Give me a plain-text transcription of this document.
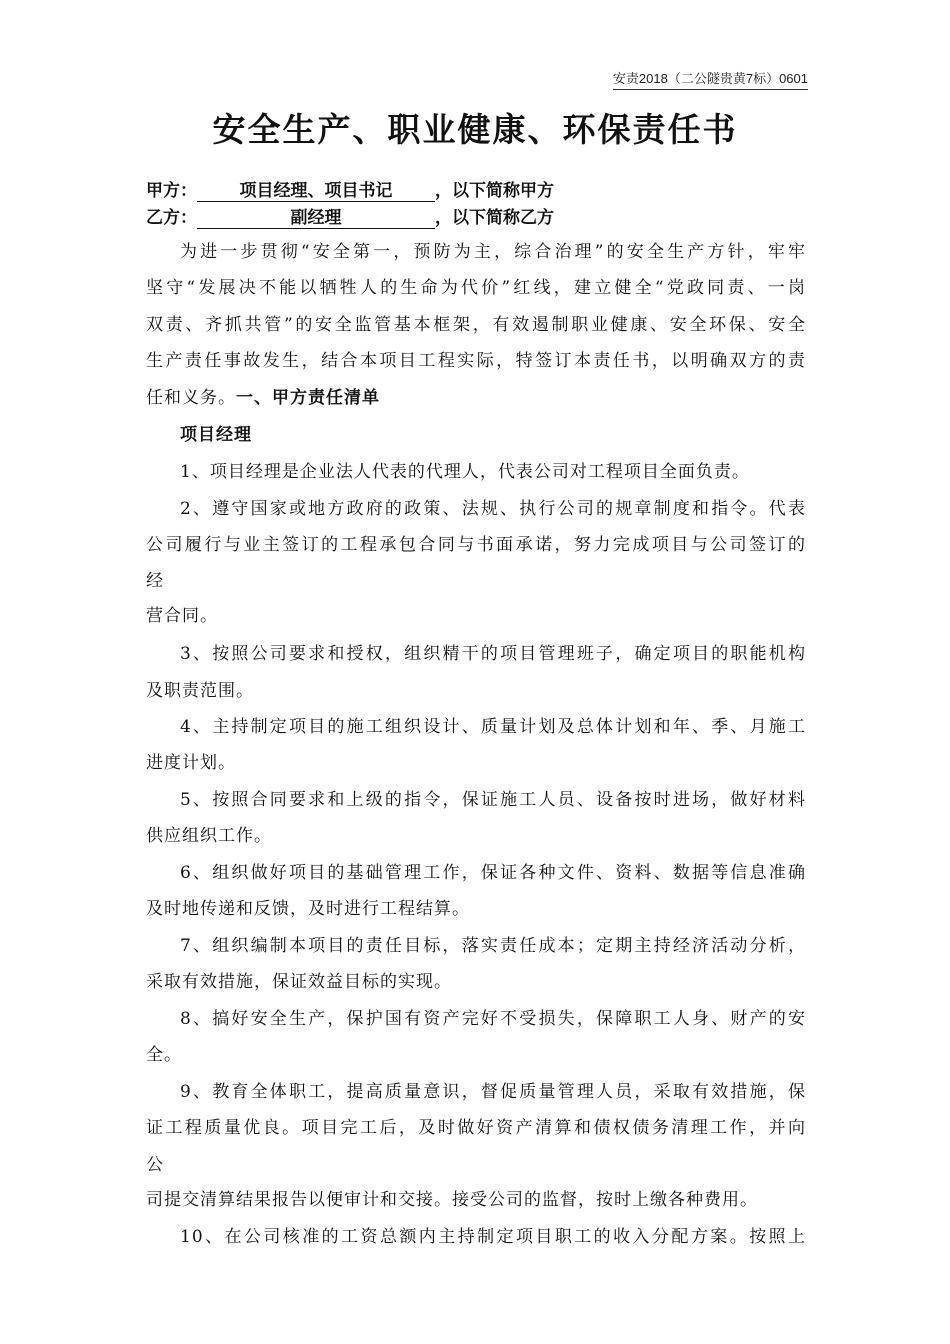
安责2018（二公隧贵黄7标）0601
安全生产、职业健康、环保责任书
甲方：	项目经理、项目书记	，以下简称甲方
乙方：	副经理	，以下简称乙方
为进一步贯彻“安全第一，预防为主，综合治理”的安全生产方针，牢牢
坚守“发展决不能以牺牲人的生命为代价”红线，建立健全“党政同责、一岗
双责、齐抓共管”的安全监管基本框架，有效遏制职业健康、安全环保、安全
生产责任事故发生，结合本项目工程实际，特签订本责任书，以明确双方的责
任和义务。一、甲方责任清单
项目经理
1、项目经理是企业法人代表的代理人，代表公司对工程项目全面负责。
2、遵守国家或地方政府的政策、法规、执行公司的规章制度和指令。代表
公司履行与业主签订的工程承包合同与书面承诺，努力完成项目与公司签订的
经
营合同。
3、按照公司要求和授权，组织精干的项目管理班子，确定项目的职能机构
及职责范围。
4、主持制定项目的施工组织设计、质量计划及总体计划和年、季、月施工
进度计划。
5、按照合同要求和上级的指令，保证施工人员、设备按时进场，做好材料
供应组织工作。
6、组织做好项目的基础管理工作，保证各种文件、资料、数据等信息准确
及时地传递和反馈，及时进行工程结算。
7、组织编制本项目的责任目标，落实责任成本；定期主持经济活动分析，
采取有效措施，保证效益目标的实现。
8、搞好安全生产，保护国有资产完好不受损失，保障职工人身、财产的安
全。
9、教育全体职工，提高质量意识，督促质量管理人员，采取有效措施，保
证工程质量优良。项目完工后，及时做好资产清算和债权债务清理工作，并向
公
司提交清算结果报告以便审计和交接。接受公司的监督，按时上缴各种费用。
10、在公司核准的工资总额内主持制定项目职工的收入分配方案。按照上
